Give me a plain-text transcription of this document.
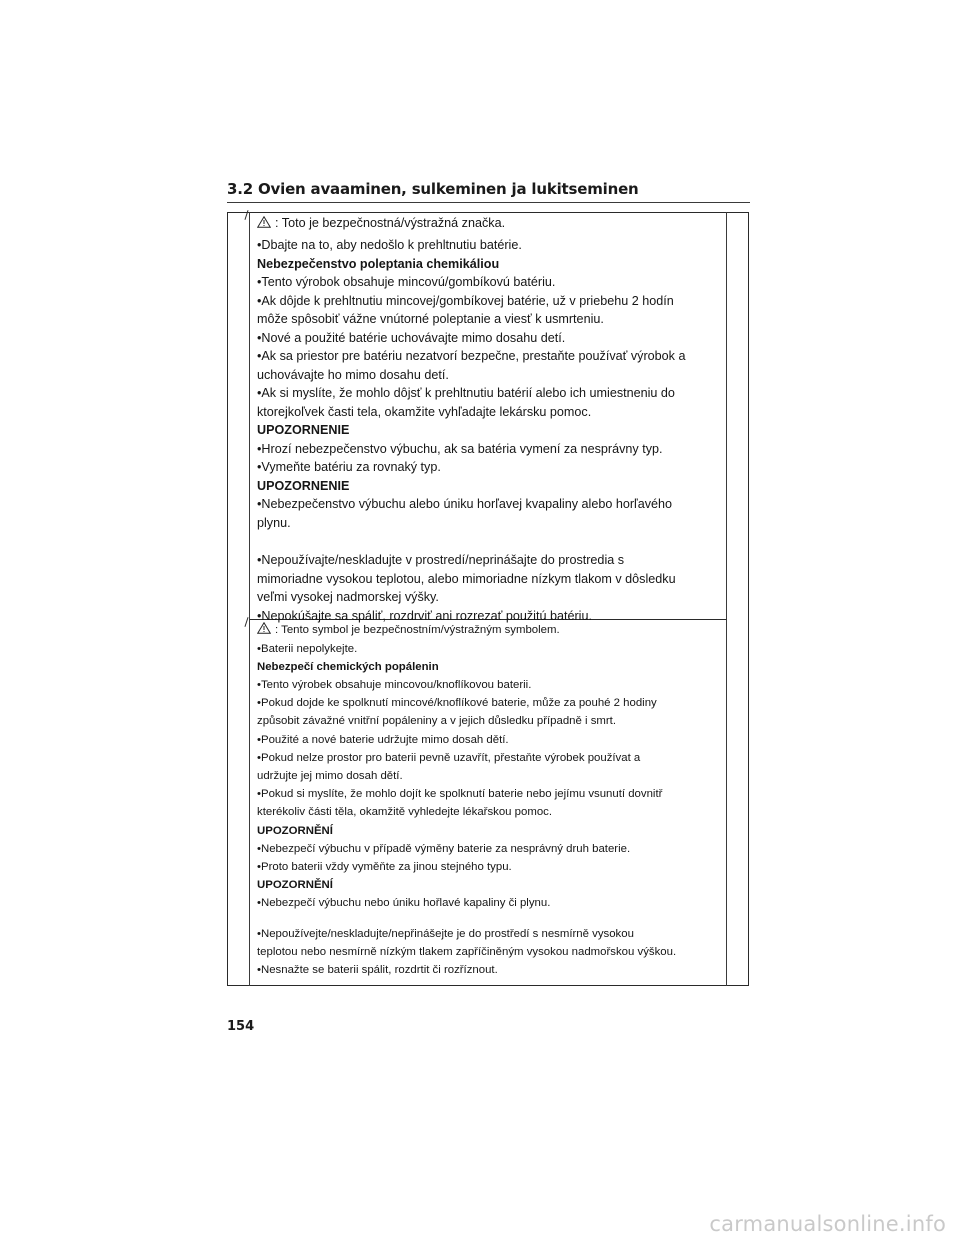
3.2 Ovien avaaminen, sulkeminen ja lukitseminen
: Toto je bezpečnostná/výstražná značka.
•Dbajte na to, aby nedošlo k prehltnutiu batérie.
Nebezpečenstvo poleptania chemikáliou
•Tento výrobok obsahuje mincovú/gombíkovú batériu.
•Ak dôjde k prehltnutiu mincovej/gombíkovej batérie, už v priebehu 2 hodín
môže spôsobiť vážne vnútorné poleptanie a viesť k usmrteniu.
•Nové a použité batérie uchovávajte mimo dosahu detí.
•Ak sa priestor pre batériu nezatvorí bezpečne, prestaňte používať výrobok a
uchovávajte ho mimo dosahu detí.
•Ak si myslíte, že mohlo dôjsť k prehltnutiu batérií alebo ich umiestneniu do
ktorejkoľvek časti tela, okamžite vyhľadajte lekársku pomoc.
UPOZORNENIE
•Hrozí nebezpečenstvo výbuchu, ak sa batéria vymení za nesprávny typ.
•Vymeňte batériu za rovnaký typ.
UPOZORNENIE
•Nebezpečenstvo výbuchu alebo úniku horľavej kvapaliny alebo horľavého
plynu.
•Nepoužívajte/neskladujte v prostredí/neprinášajte do prostredia s
mimoriadne vysokou teplotou, alebo mimoriadne nízkym tlakom v dôsledku
veľmi vysokej nadmorskej výšky.
•Nepokúšajte sa spáliť, rozdrviť ani rozrezať použitú batériu.
: Tento symbol je bezpečnostním/výstražným symbolem.
•Baterii nepolykejte.
Nebezpečí chemických popálenin
•Tento výrobek obsahuje mincovou/knoflíkovou baterii.
•Pokud dojde ke spolknutí mincové/knoflíkové baterie, může za pouhé 2 hodiny
způsobit závažné vnitřní popáleniny a v jejich důsledku případně i smrt.
•Použité a nové baterie udržujte mimo dosah dětí.
•Pokud nelze prostor pro baterii pevně uzavřít, přestaňte výrobek používat a
udržujte jej mimo dosah dětí.
•Pokud si myslíte, že mohlo dojít ke spolknutí baterie nebo jejímu vsunutí dovnitř
kterékoliv části těla, okamžitě vyhledejte lékařskou pomoc.
UPOZORNĚNÍ
•Nebezpečí výbuchu v případě výměny baterie za nesprávný druh baterie.
•Proto baterii vždy vyměňte za jinou stejného typu.
UPOZORNĚNÍ
•Nebezpečí výbuchu nebo úniku hořlavé kapaliny či plynu.
•Nepoužívejte/neskladujte/nepřinášejte je do prostředí s nesmírně vysokou
teplotou nebo nesmírně nízkým tlakem zapříčiněným vysokou nadmořskou výškou.
•Nesnažte se baterii spálit, rozdrtit či rozříznout.
154
carmanualsonline.info
